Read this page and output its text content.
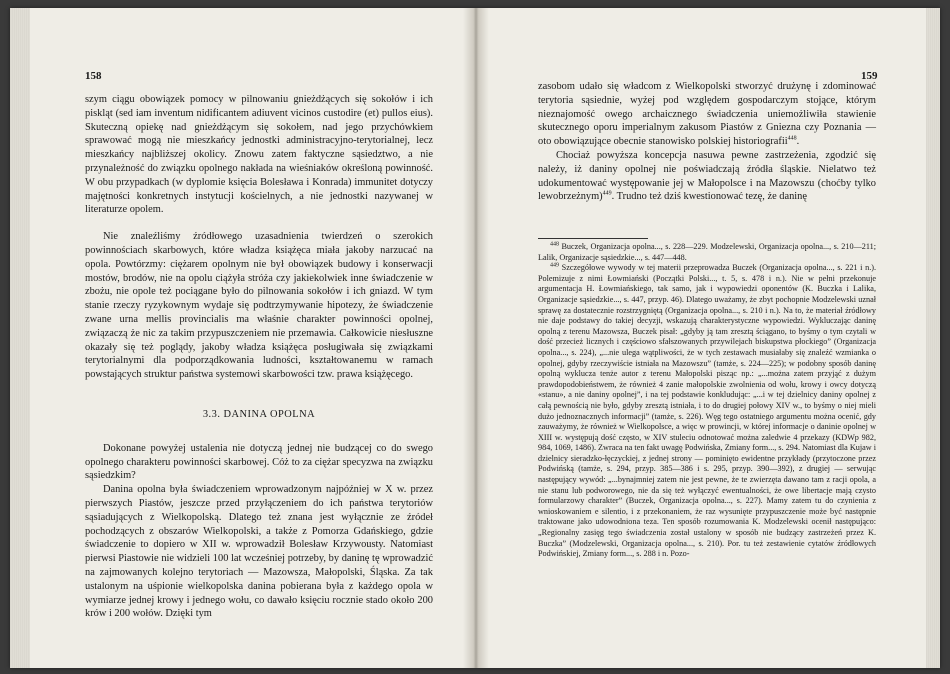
158

szym ciągu obowiązek pomocy w pilnowaniu gnieżdżących się sokołów i ich piskląt (sed iam inventum nidificantem adiuvent vicinos custodire (et) pullos eius). Skuteczną opiekę nad gnieżdżącym się sokołem, nad jego przychówkiem sprawować mogą nie mieszkańcy jednostki administracyjno-terytorialnej, lecz mieszkańcy najbliższej okolicy. Znowu zatem faktyczne sąsiedztwo, a nie przynależność do związku opolnego nakłada na wieśniaków określoną powinność. W obu przypadkach (w dyplomie księcia Bolesława i Konrada) immunitet dotyczy majętności konkretnych instytucji kościelnych, a nie jednostki nazywanej w literaturze opolem.

Nie znaleźliśmy źródłowego uzasadnienia twierdzeń o szerokich powinnościach skarbowych, które władza książęca miała jakoby narzucać na opola. Powtórzmy: ciężarem opolnym nie był obowiązek budowy i konserwacji mostów, brodów, nie na opolu ciążyła stróża czy jakiekolwiek inne świadczenie w zbożu, nie opole też pociągane było do pilnowania sokołów i ich gniazd. W tym stanie rzeczy ryzykownym wydaje się podtrzymywanie hipotezy, że świadczenie zwane urna mellis provincialis ma właśnie charakter powinności opolnej, związaczą że nic za takim przypuszczeniem nie przemawia. Całkowicie niesłuszne okazały się też poglądy, jakoby władza książęca posługiwała się związkami terytorialnymi dla podporządkowania ludności, kształtowanemu w ramach powstających struktur państwa systemowi skarbowości tzw. prawa książęcego.

3.3. DANINA OPOLNA

Dokonane powyżej ustalenia nie dotyczą jednej nie budzącej co do swego opolnego charakteru powinności skarbowej. Cóż to za ciężar specyzwa na związku sąsiedzkim?

Danina opolna była świadczeniem wprowadzonym najpóźniej w X w. przez pierwszych Piastów, jeszcze przed przyłączeniem do ich państwa terytoriów sąsiadujących z Wielkopolską. Dlatego też znana jest wyłącznie ze źródeł pochodzących z obszarów Wielkopolski, a także z Pomorza Gdańskiego, gdzie świadczenie to dopiero w XII w. wprowadził Bolesław Krzywousty. Natomiast pierwsi Piastowie nie widzieli 100 lat wcześniej potrzeby, by daninę tę wprowadzić na zajmowanych kolejno terytoriach — Mazowsza, Małopolski, Śląska. Za tak ustalonym na uśpionie wielkopolska danina pobierana była z każdego opola w wymiarze jednej krowy i jednego wołu, co dawało księciu rocznie stado około 200 krów i 200 wołów. Dzięki tym

159

zasobom udało się władcom z Wielkopolski stworzyć drużynę i zdominować terytoria sąsiednie, wyżej pod względem gospodarczym stojące, którym nieznajomość owego archaicznego świadczenia uniemożliwiła stawienie skutecznego oporu imperialnym zakusom Piastów z Gniezna czy Poznania — oto obowiązujące obecnie stanowisko polskiej historiografii$^{448}$.

Chociaż powyższa koncepcja nasuwa pewne zastrzeżenia, zgodzić się należy, iż daniny opolnej nie poświadczają źródła śląskie. Nielatwo też udokumentować występowanie jej w Małopolsce i na Mazowszu (choćby tylko lewobrzeżnym)$^{449}$. Trudno też dziś kwestionować tezę, że daninę

$^{448}$ Buczek, Organizacja opolna..., s. 228—229. Modzelewski, Organizacja opolna..., s. 210—211; Lalik, Organizacje sąsiedzkie..., s. 447—448.

$^{449}$ Szczegółowe wywody w tej materii przeprowadza Buczek (Organizacja opolna..., s. 221 i n.). Polemizuje z nimi Łowmiański (Początki Polski..., t. 5, s. 478 i n.). Nie w pełni przekonuje argumentacja H. Łowmiańskiego, tak samo, jak i wypowiedzi oponentów (K. Buczka i Lalika, Organizacje sąsiedzkie..., s. 447, przyp. 46). Dlatego uważamy, że zbyt pochopnie Modzelewski uznał sprawę za dostatecznie rozstrzygniętą (Organizacja opolna..., s. 210 i n.). Na to, że materiał źródłowy nie daje podstawy do takiej decyzji, wskazują charakterystyczne wypowiedzi. Wykluczając daninę opolną z terenu Mazowsza, Buczek pisał: „gdyby ją tam zresztą ściągano, to byśmy o tym czytali w dość przecież licznych i częściowo sfałszowanych przywilejach biskupstwa płockiego” (Organizacja opolna..., s. 224), „...nie ulega wątpliwości, że w tych zestawach musiałaby się znaleźć wzmianka o opolnej, gdyby rzeczywiście istniała na Mazowszu” (tamże, s. 224—225); w podobny sposób daninę opolną wyklucza tenże autor z terenu Małopolski pisząc np.: „...można zatem przyjąć z dużym prawdopodobieństwem, że również 4 zanie małopolskie zwolnienia od wołu, krowy i owcy dotyczą «stanu», a nie daniny opolnej”, i na tej podstawie konkludując: „...i w tej dzielnicy daniny opolnej z całą pewnością nie było, gdyby zresztą istniała, i to do drugiej połowy XIV w., to byśmy o niej mieli dużo jednoznacznych informacji” (tamże, s. 226). Węg tego ostatniego argumentu można ocenić, gdy zauważymy, że również w Wielkopolsce, a więc w prowincji, w której informacje o daninie opolnej w XIII w. występują dość często, w XIV stuleciu odnotować można zaledwie 4 przekazy (KDWp 982, 984, 1069, 1486). Zwraca na ten fakt uwagę Podwińska, Zmiany form..., s. 294. Natomiast dla Kujaw i dzielnicy sieradzko-łęczyckiej, z jednej strony — pominięto ewidentne przykłady (przytoczone przez Podwińską (tamże, s. 294, przyp. 385—386 i s. 295, przyp. 390—392), z drugiej — serwując następujący wywód: „...bynajmniej zatem nie jest pewne, że te zwierzęta dawano tam z racji opola, a nie stanu lub podworowego, nie da się też wyłączyć ewentualności, że owe libertacje mają czysto formularzowy charakter” (Buczek, Organizacja opolna..., s. 227). Mamy zatem tu do czynienia z wnioskowaniem e silentio, i z przekonaniem, że raz wysunięte przypuszczenie może być następnie traktowane jako udowodniona teza. Ten sposób rozumowania K. Modzelewski ocenił następująco: „Regionalny zasięg tego świadczenia został ustalony w sposób nie budzący zastrzeżeń przez K. Buczka” (Modzelewski, Organizacja opolna..., s. 210). Por. tu też zestawienie cytatów źródłowych Podwińskiej, Zmiany form..., s. 288 i n. Pozo-
